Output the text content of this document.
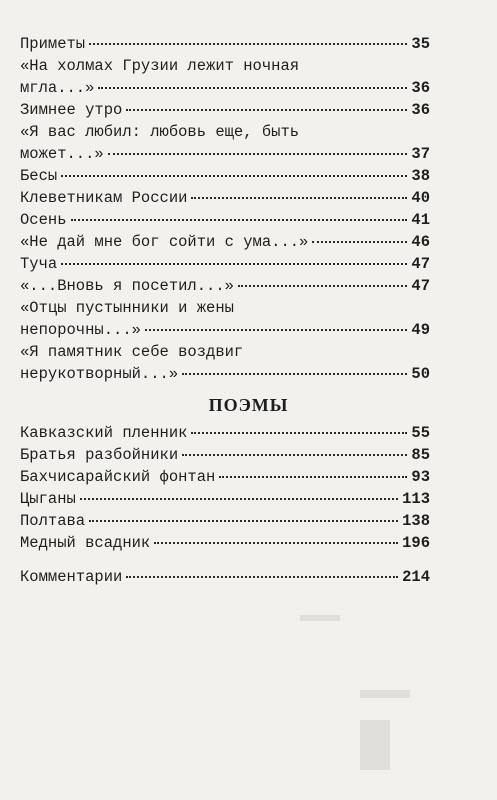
Приметы	35
«На холмах Грузии лежит ночная
мгла...»	36
Зимнее утро	36
«Я вас любил: любовь еще, быть
может...»	37
Бесы	38
Клеветникам России	40
Осень	41
«Не дай мне бог сойти с ума...»	46
Туча	47
«...Вновь я посетил...»	47
«Отцы пустынники и жены
непорочны...»	49
«Я памятник себе воздвиг
нерукотворный...»	50
ПОЭМЫ
Кавказский пленник	55
Братья разбойники	85
Бахчисарайский фонтан	93
Цыганы	113
Полтава	138
Медный всадник	196
Комментарии	214
